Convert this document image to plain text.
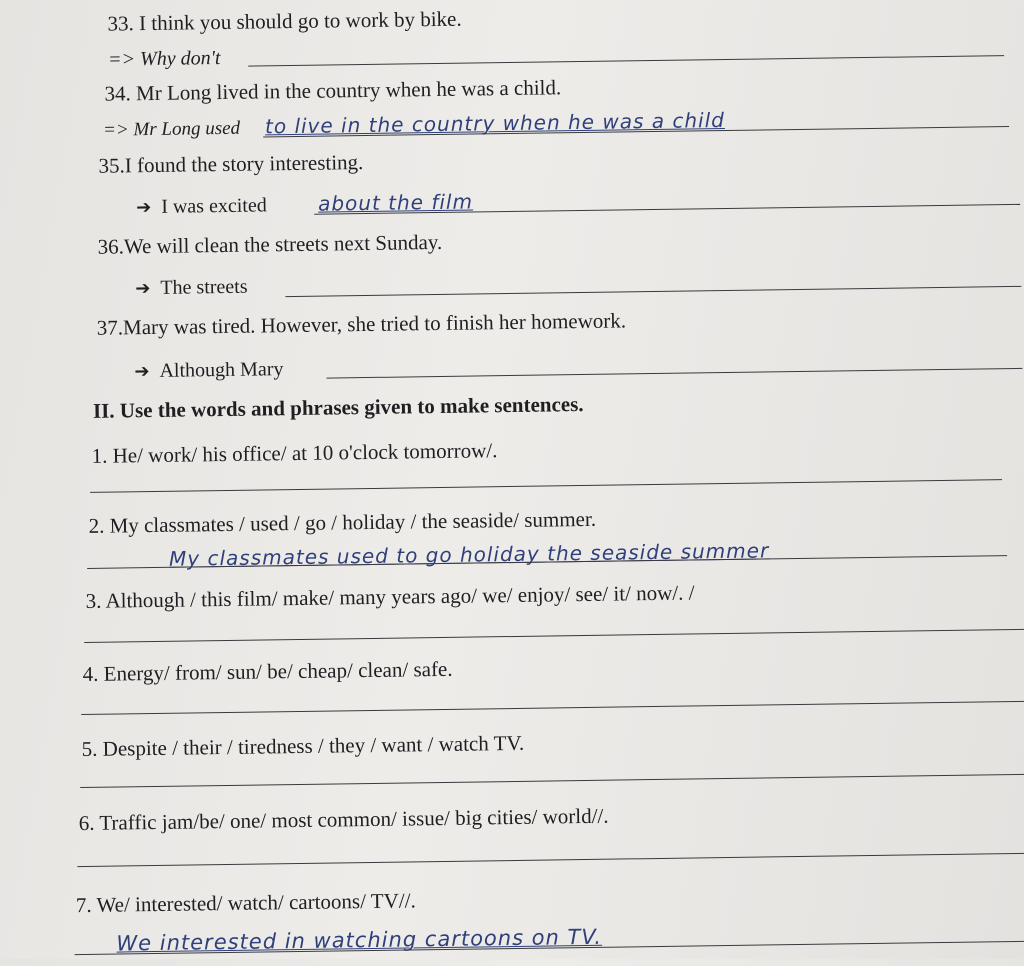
33. I think you should go to work by bike.
=> Why don't
34. Mr Long lived in the country when he was a child.
=> Mr Long used to live in the country when he was a child
35.I found the story interesting.
➔ I was excited	about the film
36.We will clean the streets next Sunday.
➔ The streets
37.Mary was tired. However, she tried to finish her homework.
➔ Although Mary
II. Use the words and phrases given to make sentences.
1. He/ work/ his office/ at 10 o'clock tomorrow/.
2. My classmates / used / go / holiday / the seaside/ summer.
My classmates used to go holiday the seaside summer
3. Although / this film/ make/ many years ago/ we/ enjoy/ see/ it/ now/. /
4. Energy/ from/ sun/ be/ cheap/ clean/ safe.
5. Despite / their / tiredness / they / want / watch TV.
6. Traffic jam/be/ one/ most common/ issue/ big cities/ world//.
7. We/ interested/ watch/ cartoons/ TV//.
We interested in watching cartoons on TV.
